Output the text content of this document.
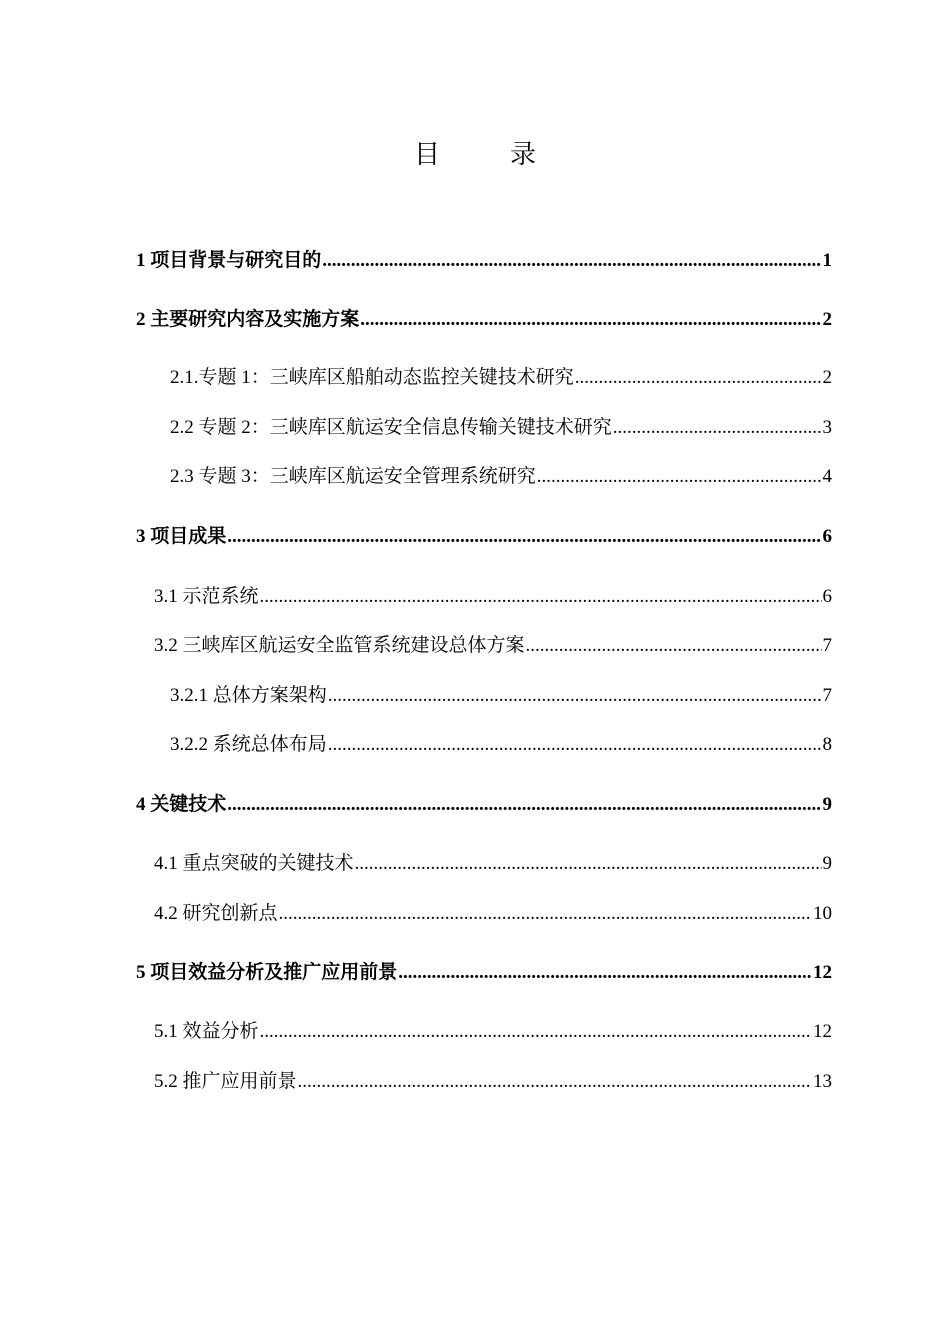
目　录
1 项目背景与研究目的 .....	1
2 主要研究内容及实施方案 .....	2
2.1.专题 1：三峡库区船舶动态监控关键技术研究 .....	2
2.2 专题 2：三峡库区航运安全信息传输关键技术研究 .....	3
2.3 专题 3：三峡库区航运安全管理系统研究 .....	4
3 项目成果 .....	6
3.1 示范系统 .....	6
3.2 三峡库区航运安全监管系统建设总体方案 .....	7
3.2.1 总体方案架构 .....	7
3.2.2 系统总体布局 .....	8
4 关键技术 .....	9
4.1 重点突破的关键技术 .....	9
4.2 研究创新点 .....	10
5 项目效益分析及推广应用前景 .....	12
5.1 效益分析 .....	12
5.2 推广应用前景 .....	13
